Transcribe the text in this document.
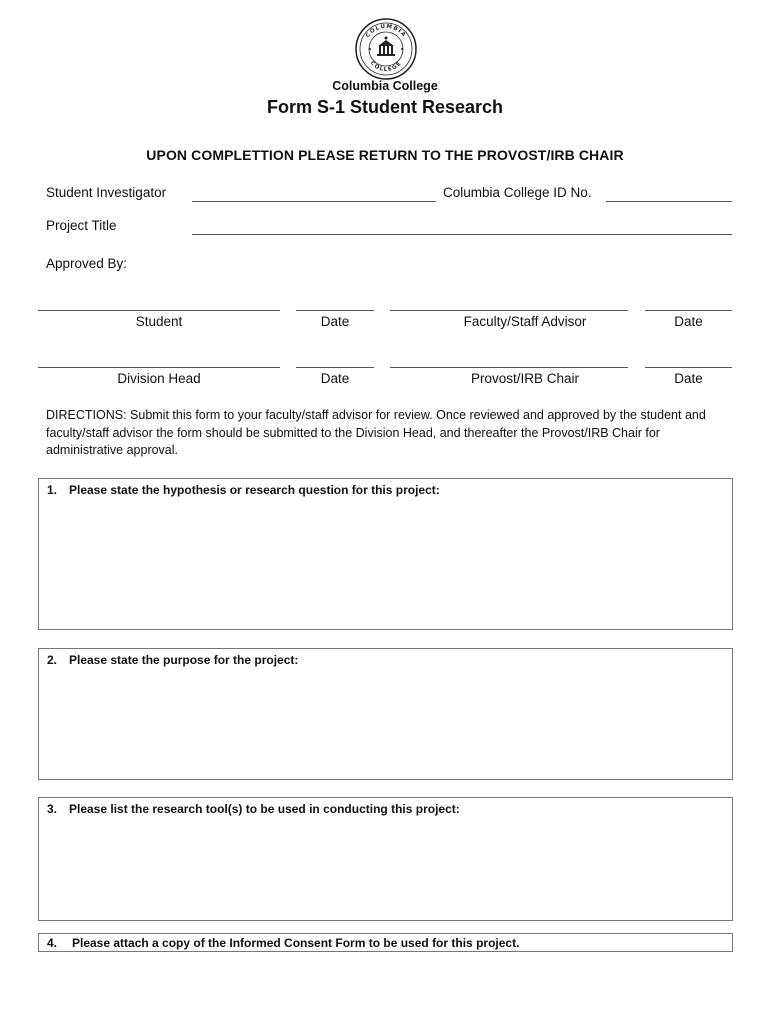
COLUMBIA
COLLEGE
Columbia College
Form S-1 Student Research
UPON COMPLETTION PLEASE RETURN TO THE PROVOST/IRB CHAIR
Student Investigator	Columbia College ID No.
Project Title
Approved By:
Student	Date	Faculty/Staff Advisor	Date
Division Head	Date	Provost/IRB Chair	Date
DIRECTIONS: Submit this form to your faculty/staff advisor for review. Once reviewed and approved by the student and faculty/staff advisor the form should be submitted to the Division Head, and thereafter the Provost/IRB Chair for administrative approval.
1. Please state the hypothesis or research question for this project:
2. Please state the purpose for the project:
3. Please list the research tool(s) to be used in conducting this project:
4. Please attach a copy of the Informed Consent Form to be used for this project.
